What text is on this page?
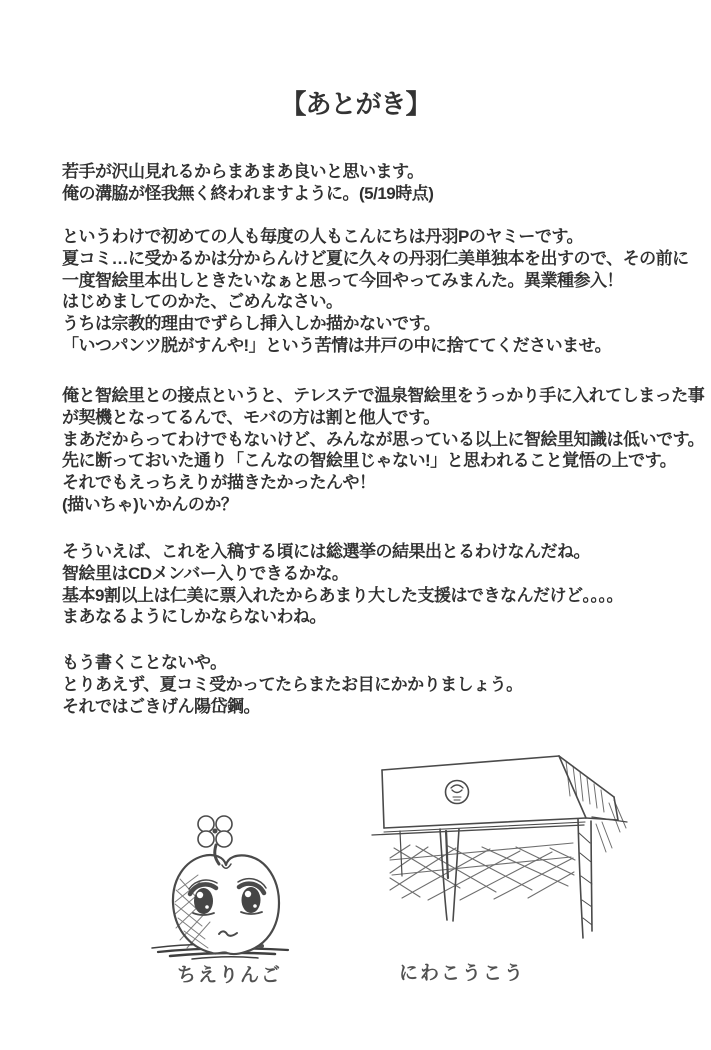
【あとがき】
若手が沢山見れるからまあまあ良いと思います。
俺の溝脇が怪我無く終われますように。(5/19時点)
というわけで初めての人も毎度の人もこんにちは丹羽Pのヤミーです。
夏コミ…に受かるかは分からんけど夏に久々の丹羽仁美単独本を出すので、その前に
一度智絵里本出しときたいなぁと思って今回やってみまんた。異業種参入！
はじめましてのかた、ごめんなさい。
うちは宗教的理由でずらし挿入しか描かないです。
「いつパンツ脱がすんや!」という苦情は井戸の中に捨ててくださいませ。
俺と智絵里との接点というと、テレステで温泉智絵里をうっかり手に入れてしまった事
が契機となってるんで、モバの方は割と他人です。
まあだからってわけでもないけど、みんなが思っている以上に智絵里知識は低いです。
先に断っておいた通り「こんなの智絵里じゃない!」と思われること覚悟の上です。
それでもえっちえりが描きたかったんや！
(描いちゃ)いかんのか？
そういえば、これを入稿する頃には総選挙の結果出とるわけなんだね。
智絵里はCDメンバー入りできるかな。
基本9割以上は仁美に票入れたからあまり大した支援はできなんだけど。。。。
まあなるようにしかならないわね。
もう書くことないや。
とりあえず、夏コミ受かってたらまたお目にかかりましょう。
それではごきげん陽岱鋼。
ちえりんご	にわこうこう
